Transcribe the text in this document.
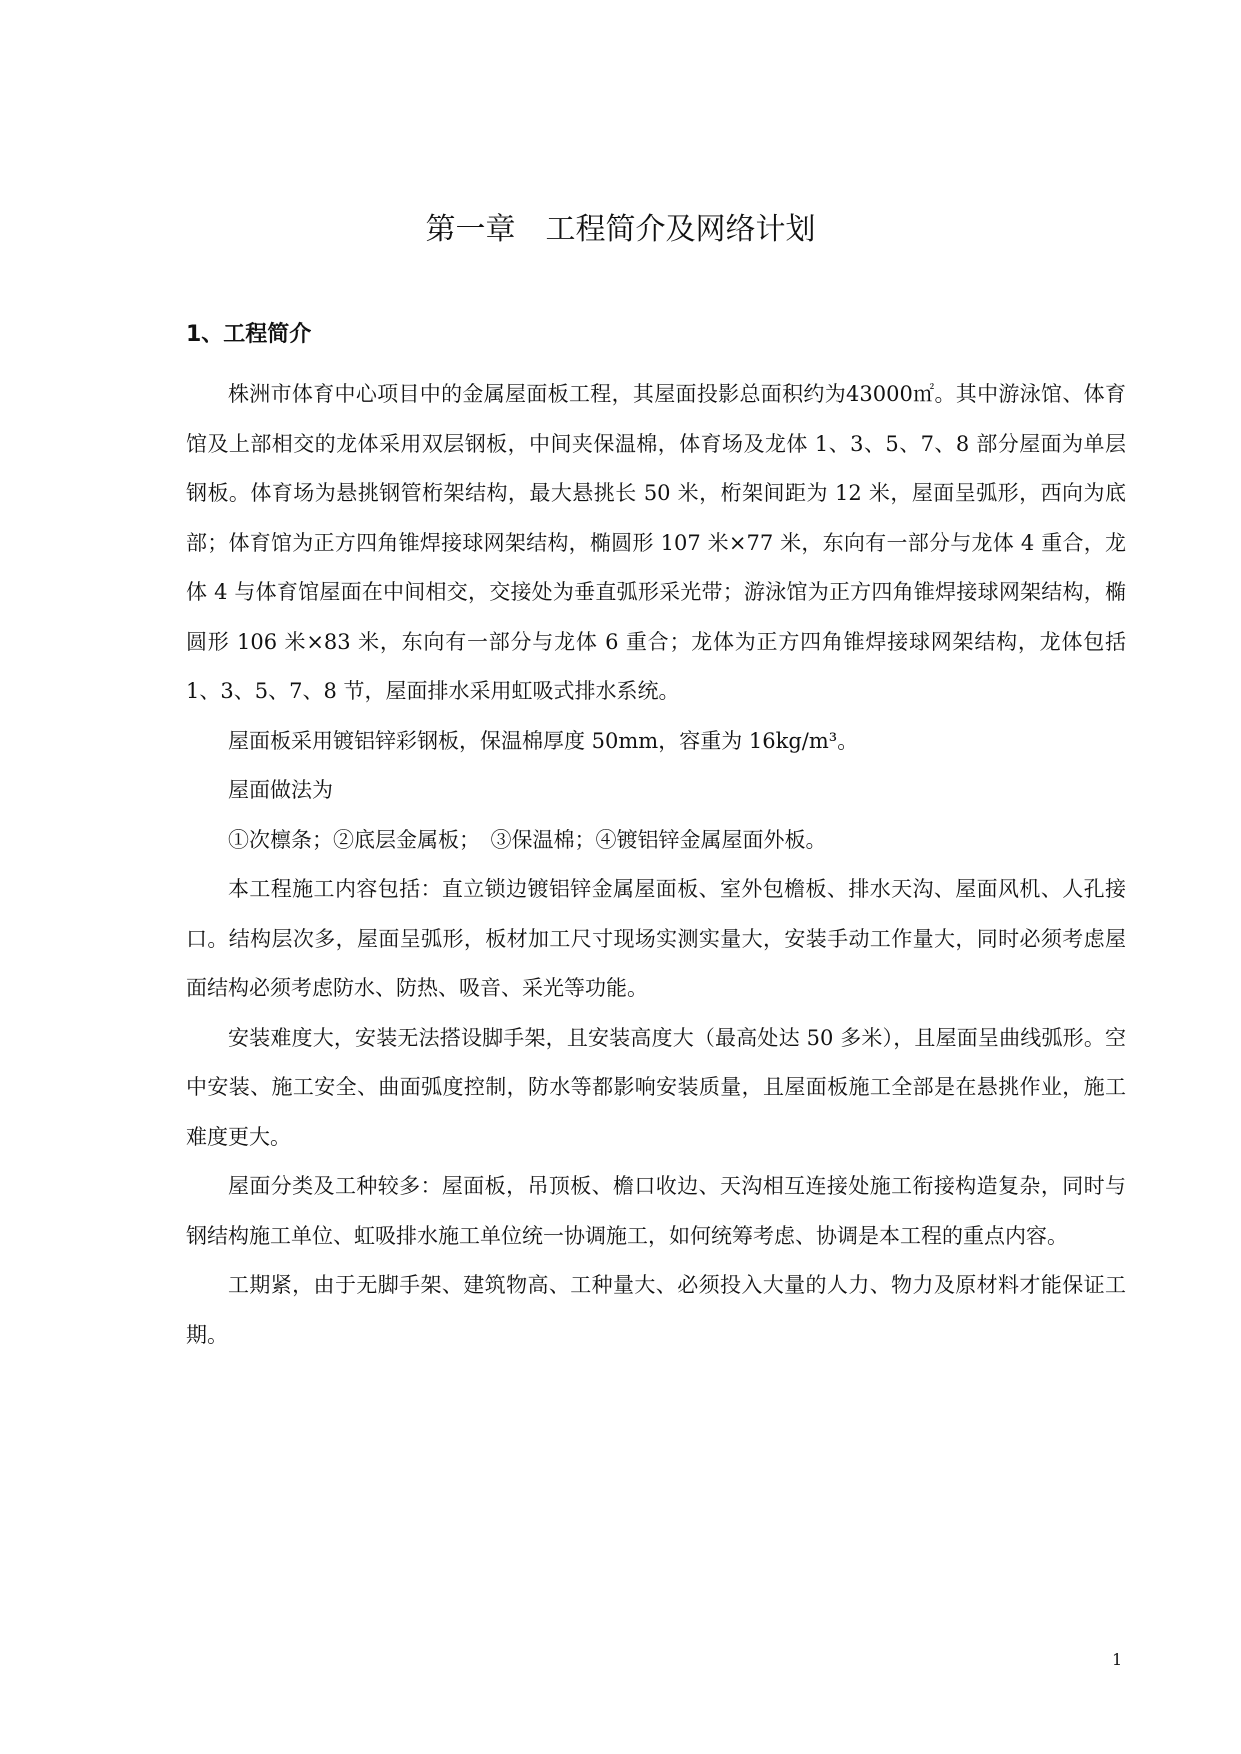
第一章　工程简介及网络计划
1、工程简介

株洲市体育中心项目中的金属屋面板工程，其屋面投影总面积约为43000㎡。其中游泳馆、体育馆及上部相交的龙体采用双层钢板，中间夹保温棉，体育场及龙体 1、3、5、7、8 部分屋面为单层钢板。体育场为悬挑钢管桁架结构，最大悬挑长 50 米，桁架间距为 12 米，屋面呈弧形，西向为底部；体育馆为正方四角锥焊接球网架结构，椭圆形 107 米×77 米，东向有一部分与龙体 4 重合，龙体 4 与体育馆屋面在中间相交，交接处为垂直弧形采光带；游泳馆为正方四角锥焊接球网架结构，椭圆形 106 米×83 米，东向有一部分与龙体 6 重合；龙体为正方四角锥焊接球网架结构，龙体包括 1、3、5、7、8 节，屋面排水采用虹吸式排水系统。

屋面板采用镀铝锌彩钢板，保温棉厚度 50mm，容重为 16kg/m³。

屋面做法为

①次檩条；②底层金属板；　③保温棉；④镀铝锌金属屋面外板。

本工程施工内容包括：直立锁边镀铝锌金属屋面板、室外包檐板、排水天沟、屋面风机、人孔接口。结构层次多，屋面呈弧形，板材加工尺寸现场实测实量大，安装手动工作量大，同时必须考虑屋面结构必须考虑防水、防热、吸音、采光等功能。

安装难度大，安装无法搭设脚手架，且安装高度大（最高处达 50 多米），且屋面呈曲线弧形。空中安装、施工安全、曲面弧度控制，防水等都影响安装质量，且屋面板施工全部是在悬挑作业，施工难度更大。

屋面分类及工种较多：屋面板，吊顶板、檐口收边、天沟相互连接处施工衔接构造复杂，同时与钢结构施工单位、虹吸排水施工单位统一协调施工，如何统筹考虑、协调是本工程的重点内容。

工期紧，由于无脚手架、建筑物高、工种量大、必须投入大量的人力、物力及原材料才能保证工期。

1
